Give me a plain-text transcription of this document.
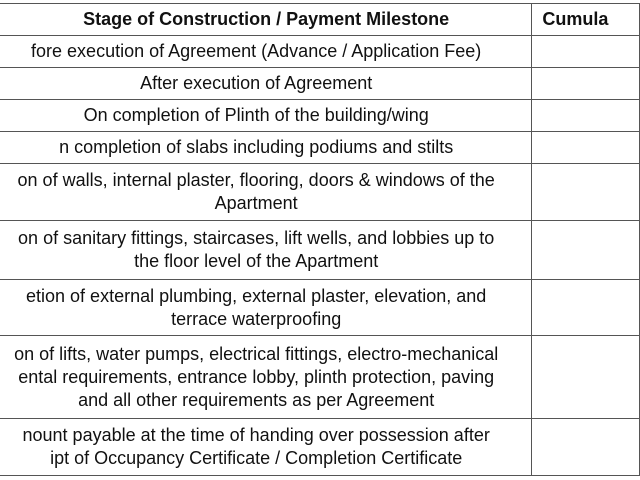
Stage of Construction / Payment Milestone	Cumula

fore execution of Agreement (Advance / Application Fee)	

After execution of Agreement	

On completion of Plinth of the building/wing	

n completion of slabs including podiums and stilts	

on of walls, internal plaster, flooring, doors & windows of the
Apartment	

on of sanitary fittings, staircases, lift wells, and lobbies up to
the floor level of the Apartment	

etion of external plumbing, external plaster, elevation, and
terrace waterproofing	

on of lifts, water pumps, electrical fittings, electro-mechanical
ental requirements, entrance lobby, plinth protection, paving
and all other requirements as per Agreement	

nount payable at the time of handing over possession after
ipt of Occupancy Certificate / Completion Certificate	
